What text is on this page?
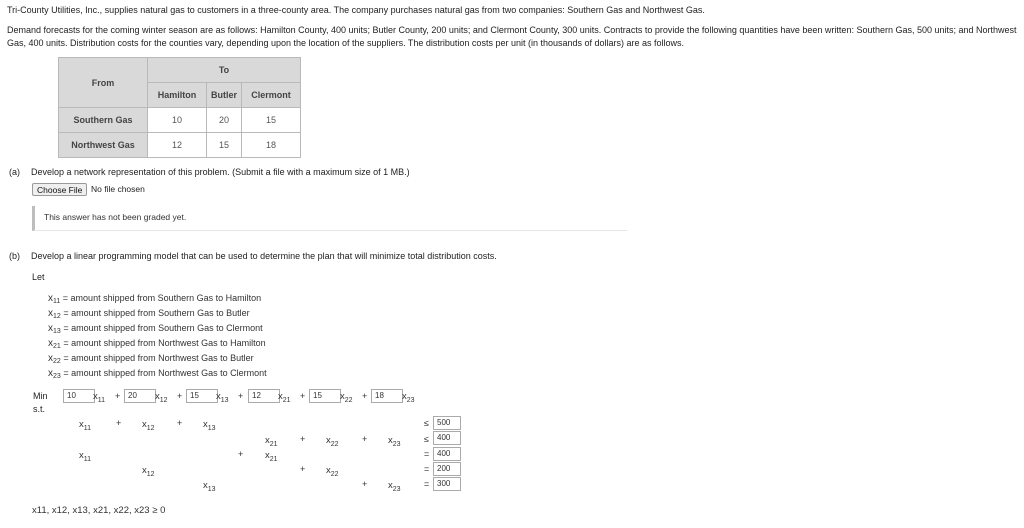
Tri-County Utilities, Inc., supplies natural gas to customers in a three-county area. The company purchases natural gas from two companies: Southern Gas and Northwest Gas.
Demand forecasts for the coming winter season are as follows: Hamilton County, 400 units; Butler County, 200 units; and Clermont County, 300 units. Contracts to provide the following quantities have been written: Southern Gas, 500 units; and Northwest Gas, 400 units. Distribution costs for the counties vary, depending upon the location of the suppliers. The distribution costs per unit (in thousands of dollars) are as follows.
From	To		
	Hamilton	Butler	Clermont
Southern Gas	10	20	15
Northwest Gas	12	15	18
(a) Develop a network representation of this problem. (Submit a file with a maximum size of 1 MB.)
Choose File	No file chosen
This answer has not been graded yet.
(b) Develop a linear programming model that can be used to determine the plan that will minimize total distribution costs.
Let
$x_{11}$ = amount shipped from Southern Gas to Hamilton
$x_{12}$ = amount shipped from Southern Gas to Butler
$x_{13}$ = amount shipped from Southern Gas to Clermont
$x_{21}$ = amount shipped from Northwest Gas to Hamilton
$x_{22}$ = amount shipped from Northwest Gas to Butler
$x_{23}$ = amount shipped from Northwest Gas to Clermont
Min
s.t.
10	$x_{11} + 20$	$x_{12} + 15$	$x_{13}$ +	12	$x_{21} + 15$	$x_{22} + 18$	$x_{23}$
$x_{11}$
+ $x_{12}$
+ $x_{13}$
≤	500
$x_{21}$
+ $x_{22}$
+ $x_{23}$
≤	400
$x_{11}$
+ $x_{21}$
= 400
$x_{12}$
+ $x_{22}$
= 200
$x_{13}$
+ $x_{23}$
= 300
x11, x12, x13, x21, x22, x23 ≥ 0
